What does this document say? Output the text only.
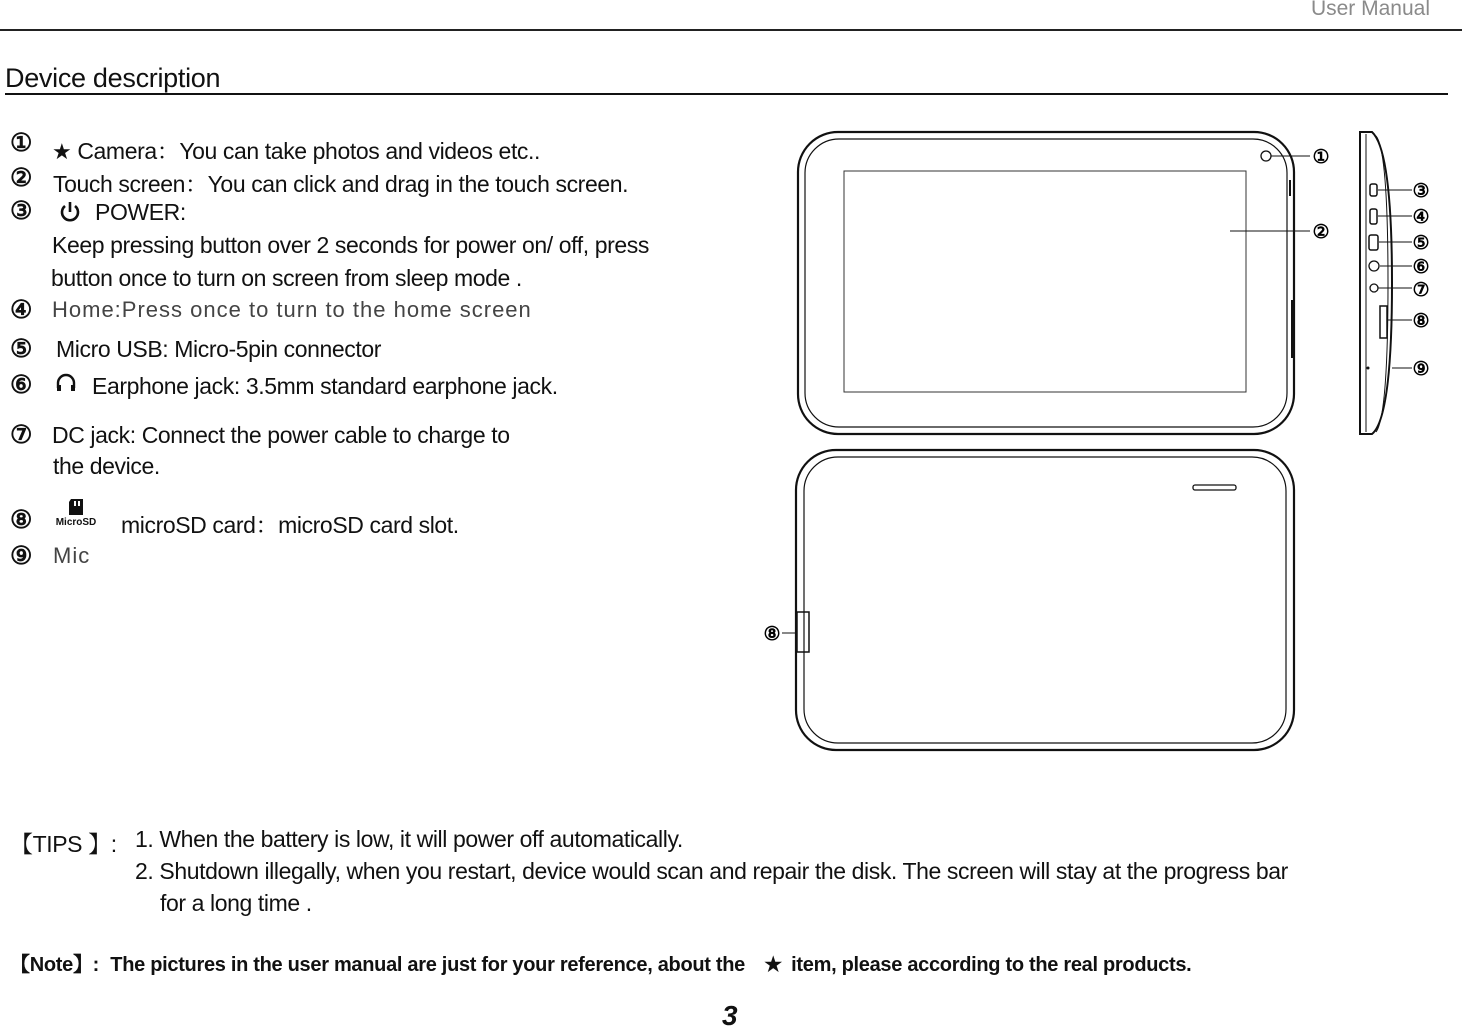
User Manual
Device description
① ★ Camera：You can take photos and videos etc..
② Touch screen：You can click and drag in the touch screen.
③	POWER:
Keep pressing button over 2 seconds for power on/ off, press
button once to turn on screen from sleep mode .
④ Home:Press once to turn to the home screen
⑤ Micro USB: Micro-5pin connector
⑥	Earphone jack: 3.5mm standard earphone jack.
⑦ DC jack: Connect the power cable to charge to
the device.
⑧	MicroSD microSD card：microSD card slot.
⑨ Mic
①
②
③
④
⑤
⑥
⑦
⑧
⑨
⑧
【TIPS 】: 1. When the battery is low, it will power off automatically.
2. Shutdown illegally, when you restart, device would scan and repair the disk. The screen will stay at the progress bar
for a long time .
【Note】: The pictures in the user manual are just for your reference, about the ★ item, please according to the real products.
3
